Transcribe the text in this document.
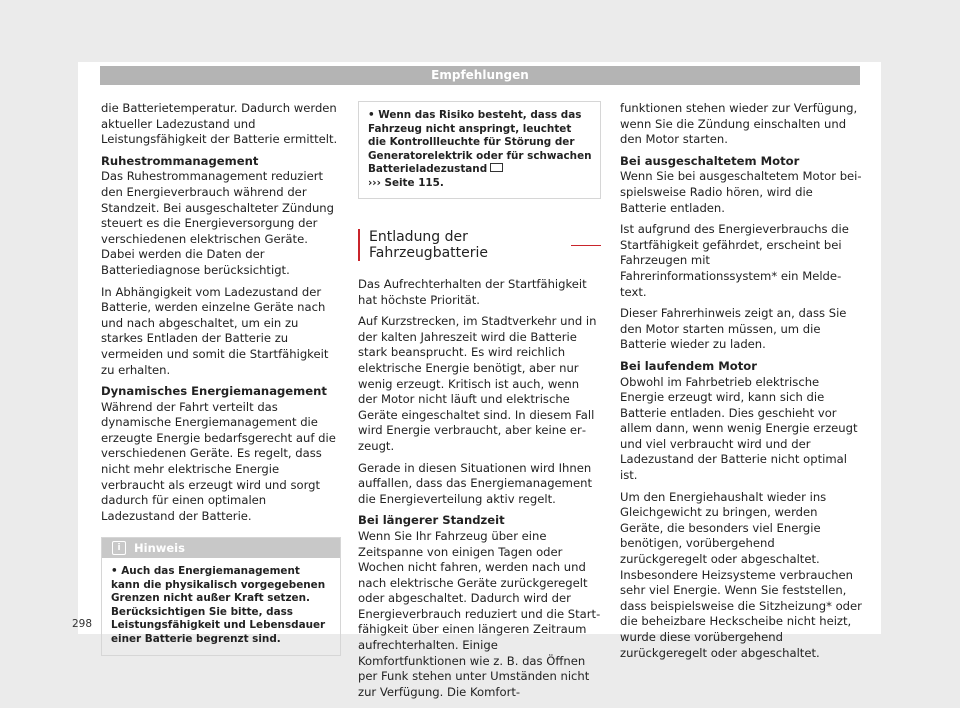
Empfehlungen

die Batterietemperatur. Dadurch werden aktueller Ladezustand und Leistungsfähigkeit der Batterie ermittelt.

Ruhestrommanagement

Das Ruhestrommanagement reduziert den Energieverbrauch während der Standzeit. Bei ausgeschalteter Zündung steuert es die Energieversorgung der verschiedenen elektrischen Geräte. Dabei werden die Daten der Batteriediagnose berücksichtigt.

In Abhängigkeit vom Ladezustand der Batterie, werden einzelne Geräte nach und nach abgeschaltet, um ein zu starkes Entladen der Batterie zu vermeiden und somit die Startfähigkeit zu erhalten.

Dynamisches Energiemanagement

Während der Fahrt verteilt das dynamische Energiemanagement die erzeugte Energie bedarfsgerecht auf die verschiedenen Geräte. Es regelt, dass nicht mehr elektrische Energie verbraucht als erzeugt wird und sorgt dadurch für einen optimalen Ladezustand der Batterie.

i	Hinweis
• Auch das Energiemanagement kann die physikalisch vorgegebenen Grenzen nicht außer Kraft setzen. Berücksichtigen Sie bitte, dass Leistungsfähigkeit und Lebensdauer einer Batterie begrenzt sind.
• Wenn das Risiko besteht, dass das Fahrzeug nicht anspringt, leuchtet die Kontrollleuchte für Störung der Generatorelektrik oder für schwachen Batterieladezustand
››› Seite 115.
Entladung der Fahrzeugbatterie

Das Aufrechterhalten der Startfähigkeit hat höchste Priorität.

Auf Kurzstrecken, im Stadtverkehr und in der kalten Jahreszeit wird die Batterie stark beansprucht. Es wird reichlich elektrische Energie benötigt, aber nur wenig erzeugt. Kritisch ist auch, wenn der Motor nicht läuft und elektrische Geräte eingeschaltet sind. In diesem Fall wird Energie verbraucht, aber keine erzeugt.

Gerade in diesen Situationen wird Ihnen auffallen, dass das Energiemanagement die Energieverteilung aktiv regelt.

Bei längerer Standzeit

Wenn Sie Ihr Fahrzeug über eine Zeitspanne von einigen Tagen oder Wochen nicht fahren, werden nach und nach elektrische Geräte zurückgeregelt oder abgeschaltet. Dadurch wird der Energieverbrauch reduziert und die Startfähigkeit über einen längeren Zeitraum aufrechterhalten. Einige Komfortfunktionen wie z. B. das Öffnen per Funk stehen unter Umständen nicht zur Verfügung. Die Komfort-

funktionen stehen wieder zur Verfügung, wenn Sie die Zündung einschalten und den Motor starten.

Bei ausgeschaltetem Motor

Wenn Sie bei ausgeschaltetem Motor beispielsweise Radio hören, wird die Batterie entladen.

Ist aufgrund des Energieverbrauchs die Startfähigkeit gefährdet, erscheint bei Fahrzeugen mit Fahrerinformationssystem* ein Meldetext.

Dieser Fahrerhinweis zeigt an, dass Sie den Motor starten müssen, um die Batterie wieder zu laden.

Bei laufendem Motor

Obwohl im Fahrbetrieb elektrische Energie erzeugt wird, kann sich die Batterie entladen. Dies geschieht vor allem dann, wenn wenig Energie erzeugt und viel verbraucht wird und der Ladezustand der Batterie nicht optimal ist.

Um den Energiehaushalt wieder ins Gleichgewicht zu bringen, werden Geräte, die besonders viel Energie benötigen, vorübergehend zurückgeregelt oder abgeschaltet. Insbesondere Heizsysteme verbrauchen sehr viel Energie. Wenn Sie feststellen, dass beispielsweise die Sitzheizung* oder die beheizbare Heckscheibe nicht heizt, wurde diese vorübergehend zurückgeregelt oder abgeschaltet.

298
